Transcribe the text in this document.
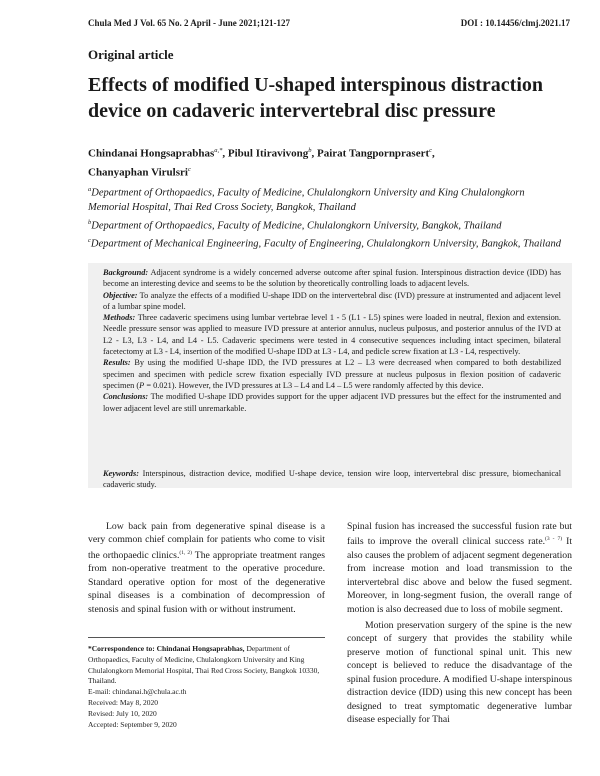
Chula Med J Vol. 65 No. 2 April - June 2021;121-127	DOI : 10.14456/clmj.2021.17
Original article
Effects of modified U-shaped interspinous distraction device on cadaveric intervertebral disc pressure
Chindanai Hongsaprabhas$^{a,*}$, Pibul Itiravivong$^b$, Pairat Tangpornprasert$^c$,
Chanyaphan Virulsri$^c$
$^a$Department of Orthopaedics, Faculty of Medicine, Chulalongkorn University and King Chulalongkorn Memorial Hospital, Thai Red Cross Society, Bangkok, Thailand
$^b$Department of Orthopaedics, Faculty of Medicine, Chulalongkorn University, Bangkok, Thailand
$^c$Department of Mechanical Engineering, Faculty of Engineering, Chulalongkorn University, Bangkok, Thailand

Background: Adjacent syndrome is a widely concerned adverse outcome after spinal fusion. Interspinous distraction device (IDD) has become an interesting device and seems to be the solution by theoretically controlling loads to adjacent levels.

Objective: To analyze the effects of a modified U-shape IDD on the intervertebral disc (IVD) pressure at instrumented and adjacent level of a lumbar spine model.

Methods: Three cadaveric specimens using lumbar vertebrae level 1 - 5 (L1 - L5) spines were loaded in neutral, flexion and extension. Needle pressure sensor was applied to measure IVD pressure at anterior annulus, nucleus pulposus, and posterior annulus of the IVD at L2 - L3, L3 - L4, and L4 - L5. Cadaveric specimens were tested in 4 consecutive sequences including intact specimen, bilateral facetectomy at L3 - L4, insertion of the modified U-shape IDD at L3 - L4, and pedicle screw fixation at L3 - L4, respectively.

Results: By using the modified U-shape IDD, the IVD pressures at L2 – L3 were decreased when compared to both destabilized specimen and specimen with pedicle screw fixation especially IVD pressure at nucleus pulposus in flexion position of cadaveric specimen (P = 0.021). However, the IVD pressures at L3 – L4 and L4 – L5 were randomly affected by this device.

Conclusions: The modified U-shape IDD provides support for the upper adjacent IVD pressures but the effect for the instrumented and lower adjacent level are still unremarkable.

Keywords: Interspinous, distraction device, modified U-shape device, tension wire loop, intervertebral disc pressure, biomechanical cadaveric study.

Low back pain from degenerative spinal disease is a very common chief complain for patients who come to visit the orthopaedic clinics.$^{(1, 2)}$ The appropriate treatment ranges from non-operative treatment to the operative procedure. Standard operative option for most of the degenerative spinal diseases is a combination of decompression of stenosis and spinal fusion with or without instrument.

*Correspondence to: Chindanai Hongsaprabhas, Department of Orthopaedics, Faculty of Medicine, Chulalongkorn University and King Chulalongkorn Memorial Hospital, Thai Red Cross Society, Bangkok 10330, Thailand.
E-mail: chindanai.h@chula.ac.th
Received: May 8, 2020
Revised: July 10, 2020
Accepted: September 9, 2020

Spinal fusion has increased the successful fusion rate but fails to improve the overall clinical success rate.$^{(3 - 7)}$ It also causes the problem of adjacent segment degeneration from increase motion and load transmission to the intervertebral disc above and below the fused segment. Moreover, in long-segment fusion, the overall range of motion is also decreased due to loss of mobile segment.

Motion preservation surgery of the spine is the new concept of surgery that provides the stability while preserve motion of functional spinal unit. This new concept is believed to reduce the disadvantage of the spinal fusion procedure. A modified U-shape interspinous distraction device (IDD) using this new concept has been designed to treat symptomatic degenerative lumbar disease especially for Thai
